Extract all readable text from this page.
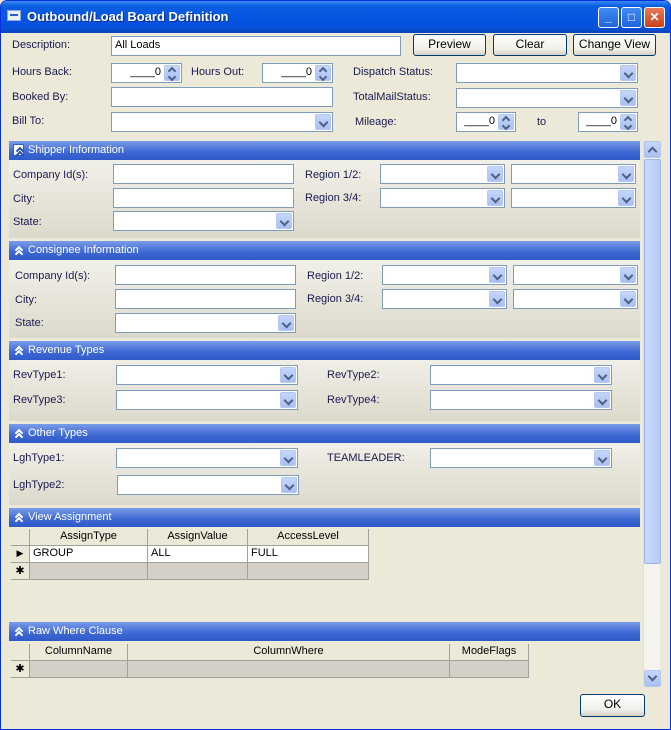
Outbound/Load Board Definition	_	□	✕
Description:	All Loads	Preview	Clear	Change View
Hours Back:	____0	Hours Out:	____0	Dispatch Status:
Booked By:	TotalMailStatus:
Bill To:	Mileage:	____0	to	____0
Shipper Information
Company Id(s):
City:
State:
Region 1/2:
Region 3/4:
Consignee Information
Company Id(s):
City:
State:
Region 1/2:
Region 3/4:
Revenue Types
RevType1:	RevType2:
RevType3:	RevType4:
Other Types
LghType1:	TEAMLEADER:
LghType2:
View Assignment
AssignType	AssignValue	AccessLevel
▶ GROUP	ALL	FULL
✱
Raw Where Clause
ColumnName	ColumnWhere	ModeFlags
✱
OK
